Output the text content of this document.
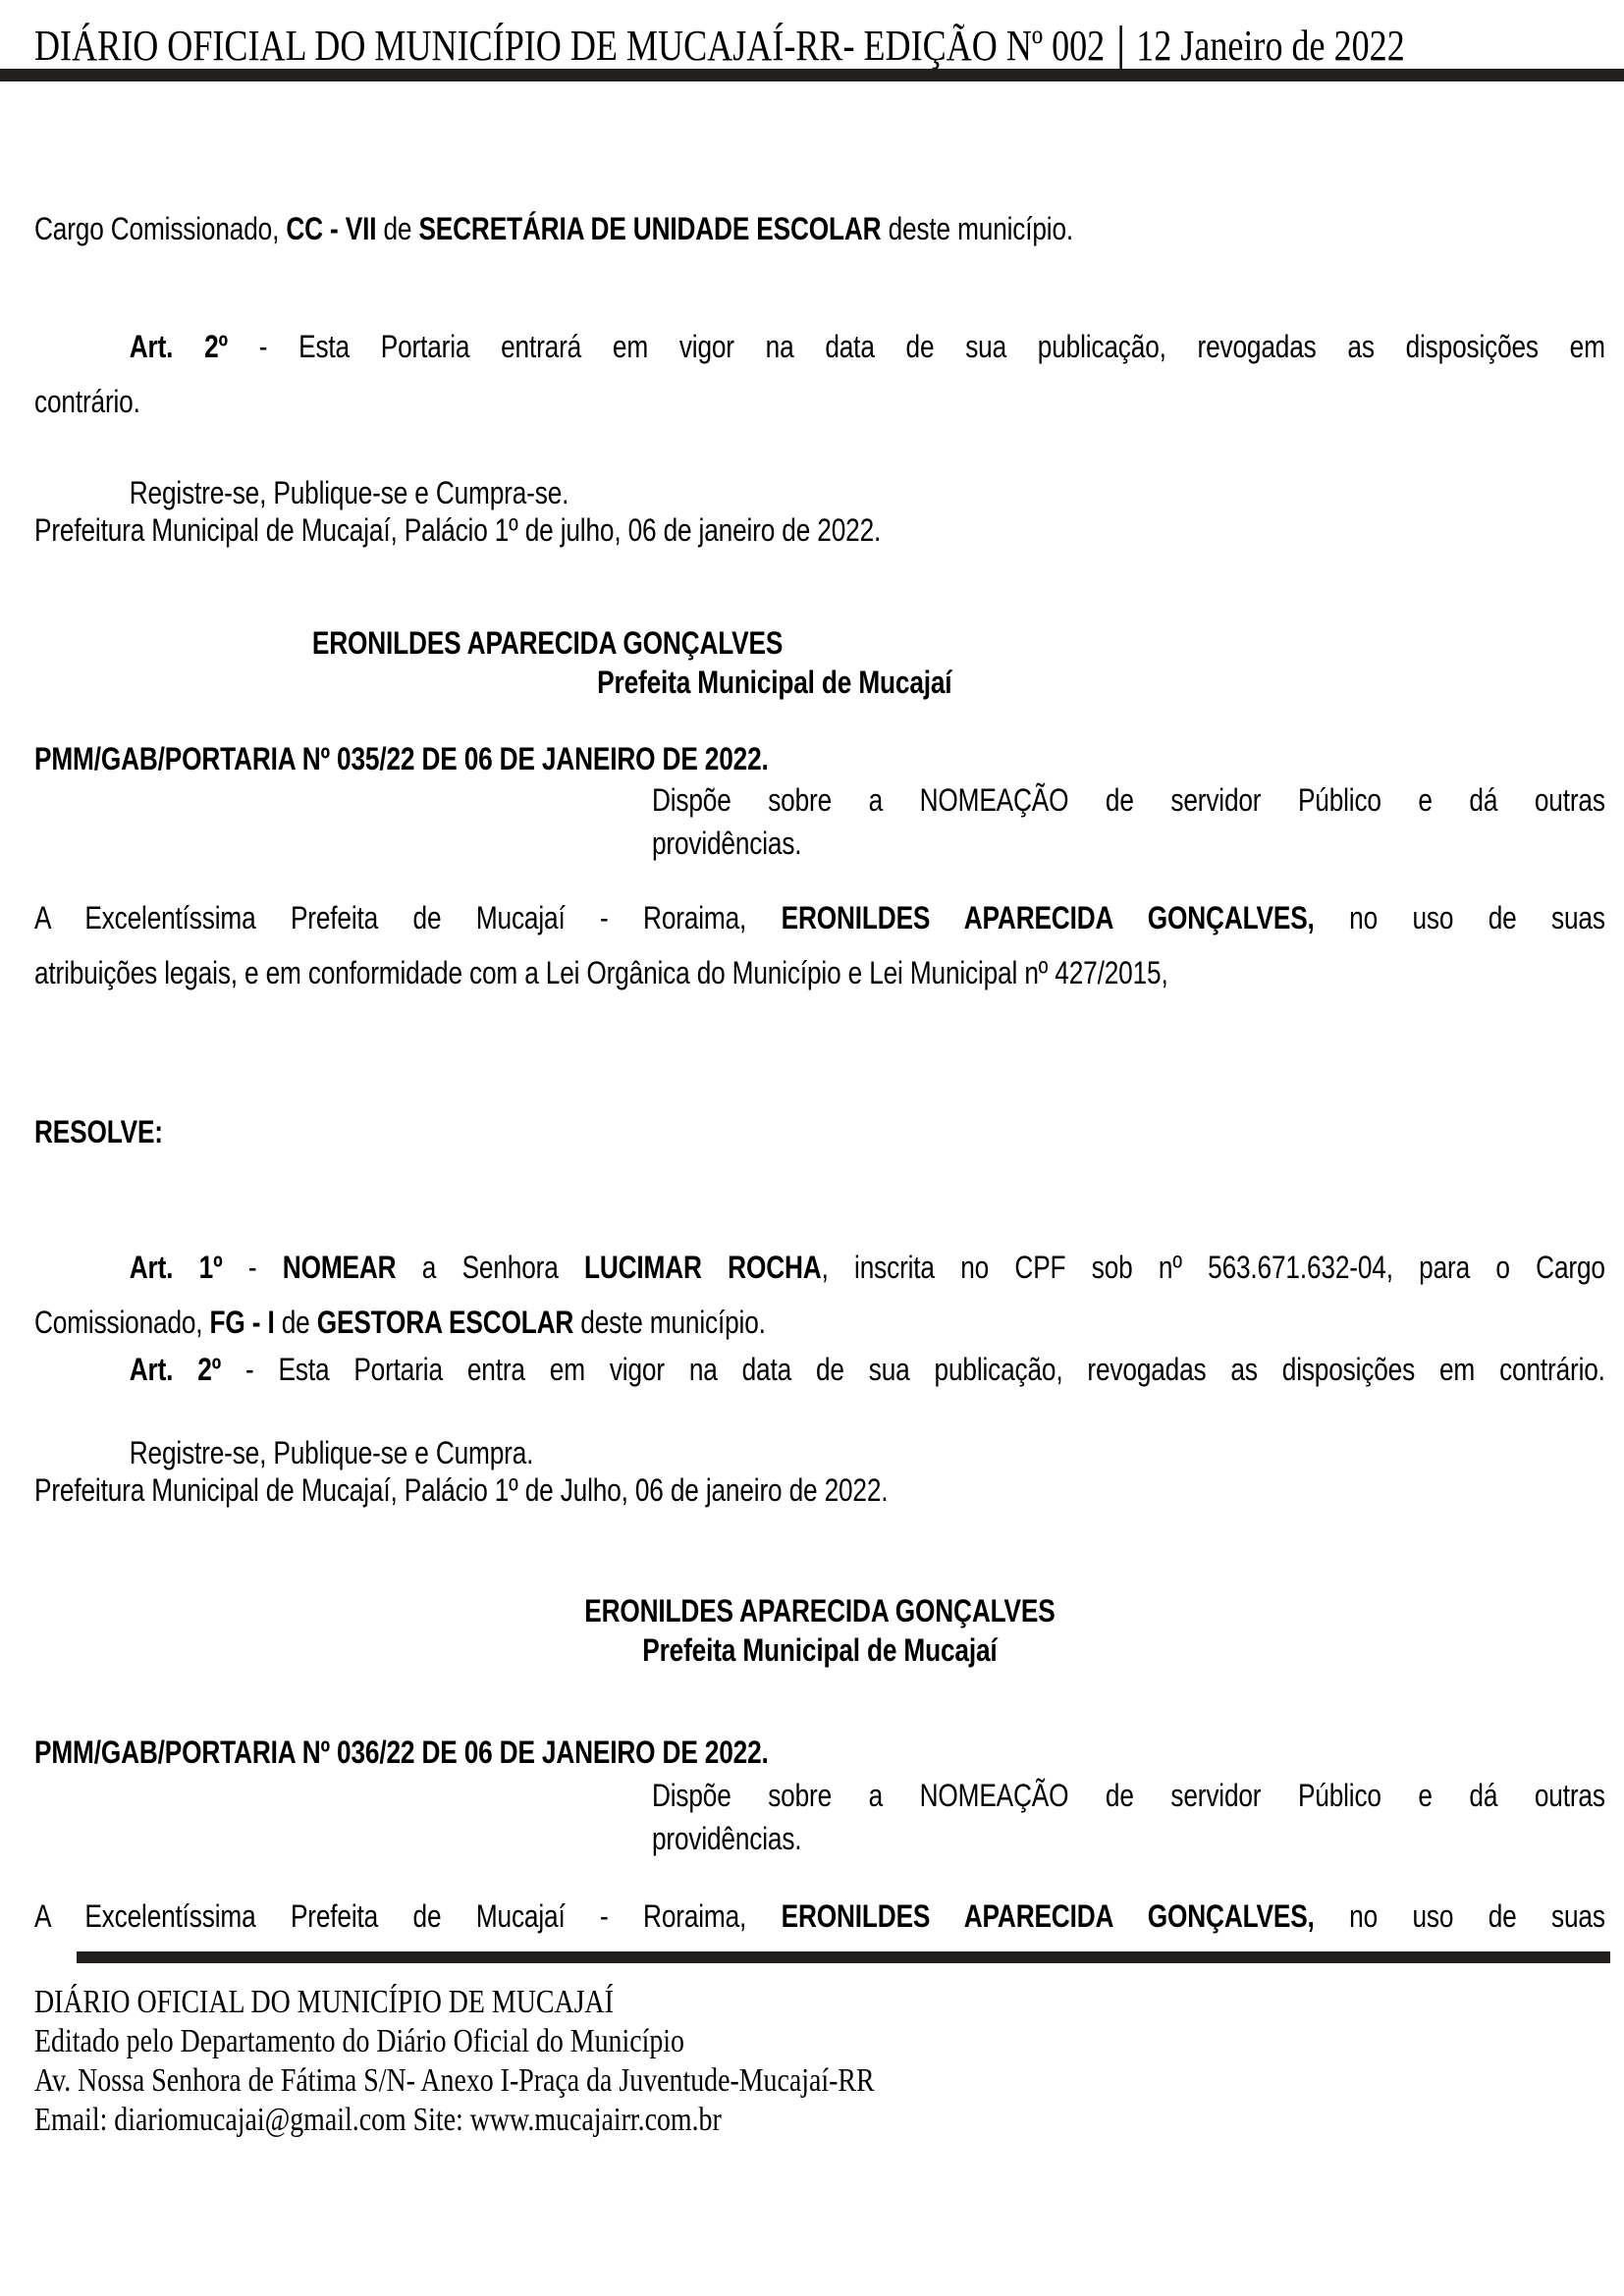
DIÁRIO OFICIAL DO MUNICÍPIO DE MUCAJAÍ-RR- EDIÇÃO Nº 002 12 Janeiro de 2022
Cargo Comissionado, CC - VII de SECRETÁRIA DE UNIDADE ESCOLAR deste município.
Art. 2º - Esta Portaria entrará em vigor na data de sua publicação, revogadas as disposições em
contrário.
Registre-se, Publique-se e Cumpra-se.
Prefeitura Municipal de Mucajaí, Palácio 1º de julho, 06 de janeiro de 2022.
ERONILDES APARECIDA GONÇALVES
Prefeita Municipal de Mucajaí
PMM/GAB/PORTARIA Nº 035/22 DE 06 DE JANEIRO DE 2022.
Dispõe sobre a NOMEAÇÃO de servidor Público e dá outras
providências.
A Excelentíssima Prefeita de Mucajaí - Roraima, ERONILDES APARECIDA GONÇALVES, no uso de suas
atribuições legais, e em conformidade com a Lei Orgânica do Município e Lei Municipal nº 427/2015,
RESOLVE:
Art. 1º - NOMEAR a Senhora LUCIMAR ROCHA, inscrita no CPF sob nº 563.671.632-04, para o Cargo
Comissionado, FG - I de GESTORA ESCOLAR deste município.
Art. 2º - Esta Portaria entra em vigor na data de sua publicação, revogadas as disposições em contrário.
Registre-se, Publique-se e Cumpra.
Prefeitura Municipal de Mucajaí, Palácio 1º de Julho, 06 de janeiro de 2022.
ERONILDES APARECIDA GONÇALVES
Prefeita Municipal de Mucajaí
PMM/GAB/PORTARIA Nº 036/22 DE 06 DE JANEIRO DE 2022.
Dispõe sobre a NOMEAÇÃO de servidor Público e dá outras
providências.
A Excelentíssima Prefeita de Mucajaí - Roraima, ERONILDES APARECIDA GONÇALVES, no uso de suas
DIÁRIO OFICIAL DO MUNICÍPIO DE MUCAJAÍ
Editado pelo Departamento do Diário Oficial do Município
Av. Nossa Senhora de Fátima S/N- Anexo I-Praça da Juventude-Mucajaí-RR
Email: diariomucajai@gmail.com Site: www.mucajairr.com.br
